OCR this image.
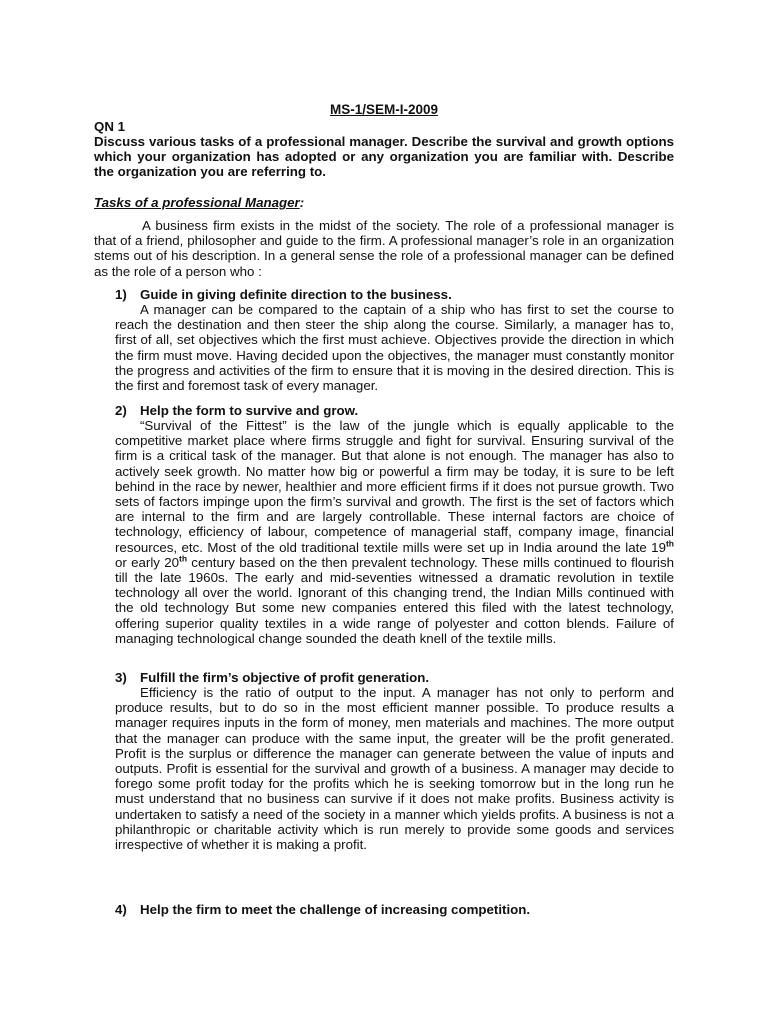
MS-1/SEM-I-2009
QN 1
Discuss various tasks of a professional manager. Describe the survival and growth options which your organization has adopted or any organization you are familiar with. Describe the organization you are referring to.
Tasks of a professional Manager:
A business firm exists in the midst of the society. The role of a professional manager is that of a friend, philosopher and guide to the firm. A professional manager’s role in an organization stems out of his description. In a general sense the role of a professional manager can be defined as the role of a person who :
1) Guide in giving definite direction to the business.
A manager can be compared to the captain of a ship who has first to set the course to reach the destination and then steer the ship along the course. Similarly, a manager has to, first of all, set objectives which the first must achieve. Objectives provide the direction in which the firm must move. Having decided upon the objectives, the manager must constantly monitor the progress and activities of the firm to ensure that it is moving in the desired direction. This is the first and foremost task of every manager.
2) Help the form to survive and grow.
“Survival of the Fittest” is the law of the jungle which is equally applicable to the competitive market place where firms struggle and fight for survival. Ensuring survival of the firm is a critical task of the manager. But that alone is not enough. The manager has also to actively seek growth. No matter how big or powerful a firm may be today, it is sure to be left behind in the race by newer, healthier and more efficient firms if it does not pursue growth. Two sets of factors impinge upon the firm’s survival and growth. The first is the set of factors which are internal to the firm and are largely controllable. These internal factors are choice of technology, efficiency of labour, competence of managerial staff, company image, financial resources, etc. Most of the old traditional textile mills were set up in India around the late 19th or early 20th century based on the then prevalent technology. These mills continued to flourish till the late 1960s. The early and mid-seventies witnessed a dramatic revolution in textile technology all over the world. Ignorant of this changing trend, the Indian Mills continued with the old technology But some new companies entered this filed with the latest technology, offering superior quality textiles in a wide range of polyester and cotton blends. Failure of managing technological change sounded the death knell of the textile mills.
3) Fulfill the firm’s objective of profit generation.
Efficiency is the ratio of output to the input. A manager has not only to perform and produce results, but to do so in the most efficient manner possible. To produce results a manager requires inputs in the form of money, men materials and machines. The more output that the manager can produce with the same input, the greater will be the profit generated. Profit is the surplus or difference the manager can generate between the value of inputs and outputs. Profit is essential for the survival and growth of a business. A manager may decide to forego some profit today for the profits which he is seeking tomorrow but in the long run he must understand that no business can survive if it does not make profits. Business activity is undertaken to satisfy a need of the society in a manner which yields profits. A business is not a philanthropic or charitable activity which is run merely to provide some goods and services irrespective of whether it is making a profit.
4) Help the firm to meet the challenge of increasing competition.
